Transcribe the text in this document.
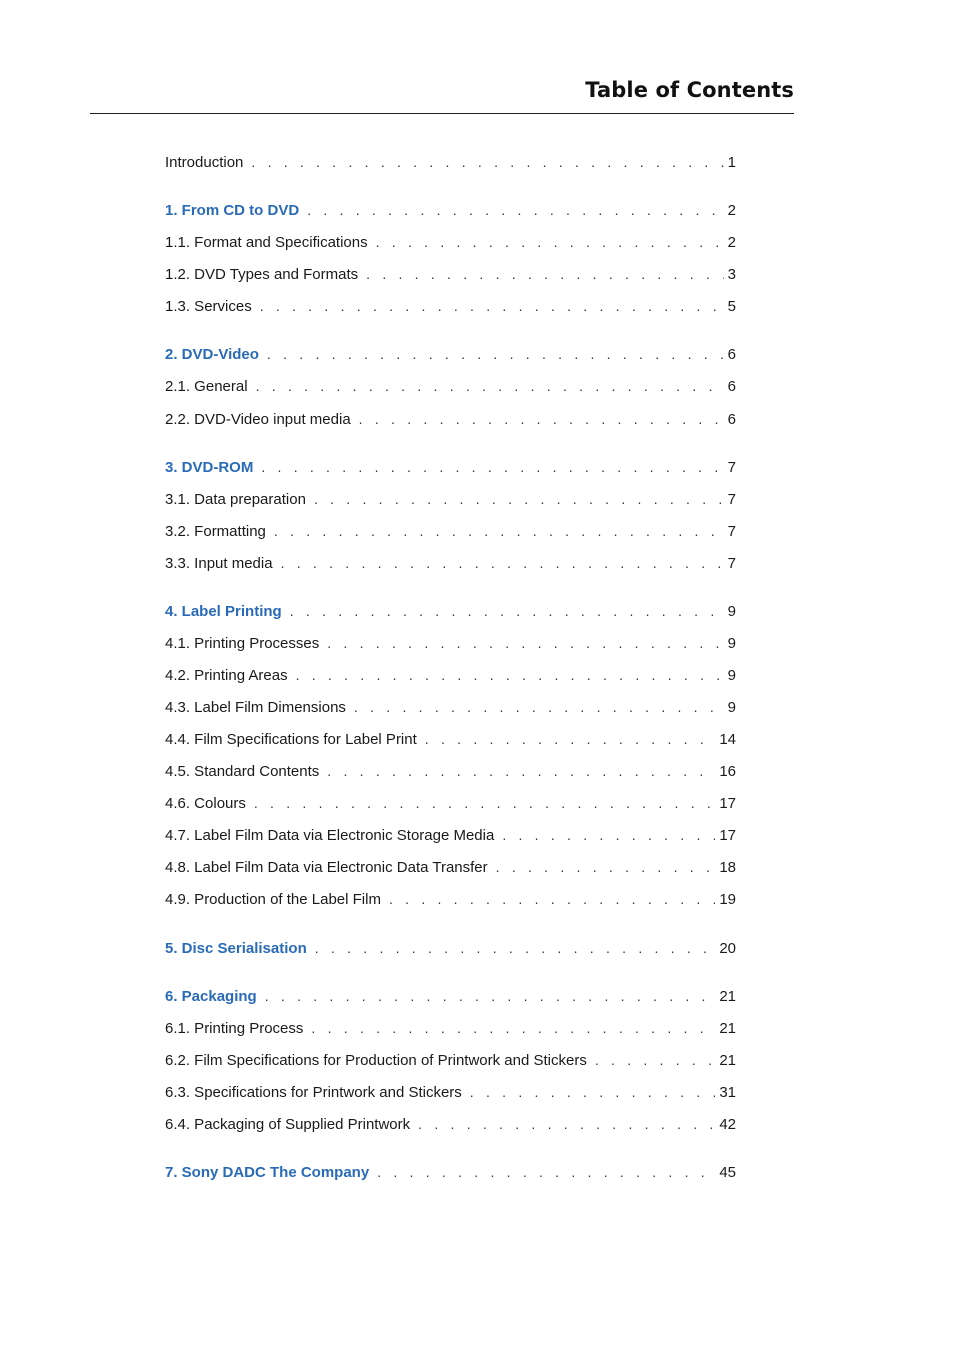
Table of Contents
Introduction . . .	1
1. From CD to DVD . . .	2
1.1. Format and Specifications . . .	2
1.2. DVD Types and Formats . . .	3
1.3. Services . . .	5
2. DVD-Video . . .	6
2.1. General . . .	6
2.2. DVD-Video input media . . .	6
3. DVD-ROM . . .	7
3.1. Data preparation . . .	7
3.2. Formatting . . .	7
3.3. Input media . . .	7
4. Label Printing . . .	9
4.1. Printing Processes . . .	9
4.2. Printing Areas . . .	9
4.3. Label Film Dimensions . . .	9
4.4. Film Specifications for Label Print . . .	14
4.5. Standard Contents . . .	16
4.6. Colours . . .	17
4.7. Label Film Data via Electronic Storage Media . . .	17
4.8. Label Film Data via Electronic Data Transfer . . .	18
4.9. Production of the Label Film . . .	19
5. Disc Serialisation . . .	20
6. Packaging . . .	21
6.1. Printing Process . . .	21
6.2. Film Specifications for Production of Printwork and Stickers . . .	21
6.3. Specifications for Printwork and Stickers . . .	31
6.4. Packaging of Supplied Printwork . . .	42
7. Sony DADC The Company . . .	45
